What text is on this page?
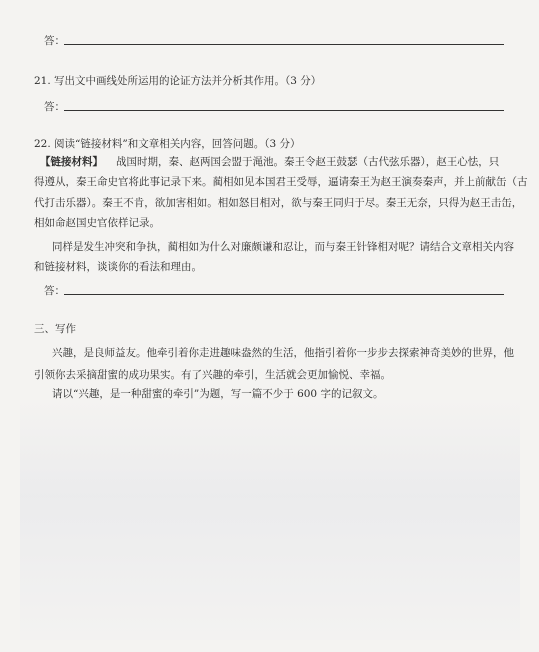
答：
21. 写出文中画线处所运用的论证方法并分析其作用。（3 分）
答：
22. 阅读“链接材料”和文章相关内容，回答问题。（3 分）
【链接材料】 战国时期，秦、赵两国会盟于渑池。秦王令赵王鼓瑟（古代弦乐器），赵王心怯，只
得遵从，秦王命史官将此事记录下来。蔺相如见本国君王受辱，逼请秦王为赵王演奏秦声，并上前献缶（古
代打击乐器）。秦王不肯，欲加害相如。相如怒目相对，欲与秦王同归于尽。秦王无奈，只得为赵王击缶，
相如命赵国史官依样记录。
同样是发生冲突和争执，蔺相如为什么对廉颇谦和忍让，而与秦王针锋相对呢？请结合文章相关内容
和链接材料，谈谈你的看法和理由。
答：
三、写作
兴趣，是良师益友。他牵引着你走进趣味盎然的生活，他指引着你一步步去探索神奇美妙的世界，他
引领你去采摘甜蜜的成功果实。有了兴趣的牵引，生活就会更加愉悦、幸福。
请以“兴趣，是一种甜蜜的牵引”为题，写一篇不少于 600 字的记叙文。
